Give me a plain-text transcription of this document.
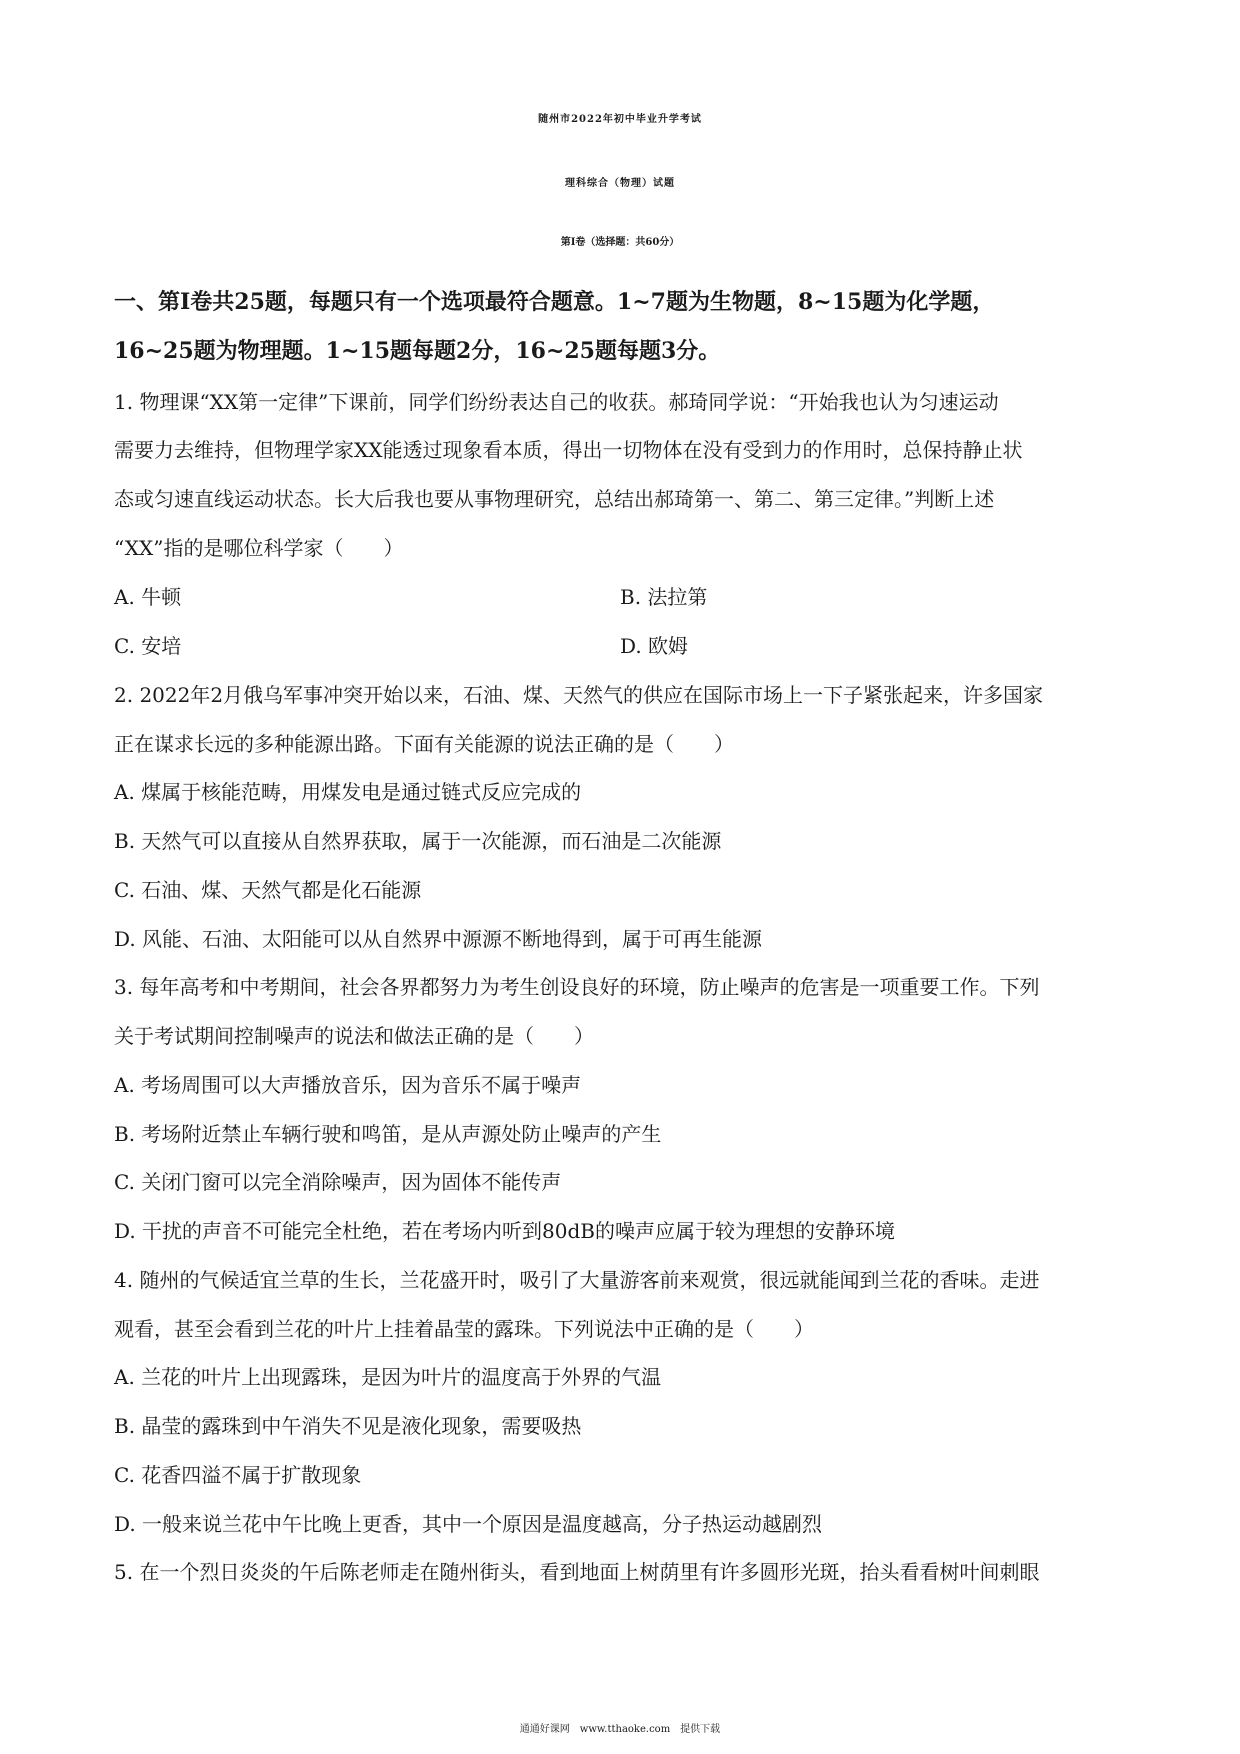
随州市2022年初中毕业升学考试
理科综合（物理）试题
第Ⅰ卷（选择题：共60分）
一、第Ⅰ卷共25题，每题只有一个选项最符合题意。1~7题为生物题，8~15题为化学题，
16~25题为物理题。1~15题每题2分，16~25题每题3分。
1. 物理课“XX第一定律”下课前，同学们纷纷表达自己的收获。郝琦同学说：“开始我也认为匀速运动
需要力去维持，但物理学家XX能透过现象看本质，得出一切物体在没有受到力的作用时，总保持静止状
态或匀速直线运动状态。长大后我也要从事物理研究，总结出郝琦第一、第二、第三定律。”判断上述
“XX”指的是哪位科学家（　　）
A. 牛顿	B. 法拉第
C. 安培	D. 欧姆
2. 2022年2月俄乌军事冲突开始以来，石油、煤、天然气的供应在国际市场上一下子紧张起来，许多国家
正在谋求长远的多种能源出路。下面有关能源的说法正确的是（　　）
A. 煤属于核能范畴，用煤发电是通过链式反应完成的
B. 天然气可以直接从自然界获取，属于一次能源，而石油是二次能源
C. 石油、煤、天然气都是化石能源
D. 风能、石油、太阳能可以从自然界中源源不断地得到，属于可再生能源
3. 每年高考和中考期间，社会各界都努力为考生创设良好的环境，防止噪声的危害是一项重要工作。下列
关于考试期间控制噪声的说法和做法正确的是（　　）
A. 考场周围可以大声播放音乐，因为音乐不属于噪声
B. 考场附近禁止车辆行驶和鸣笛，是从声源处防止噪声的产生
C. 关闭门窗可以完全消除噪声，因为固体不能传声
D. 干扰的声音不可能完全杜绝，若在考场内听到80dB的噪声应属于较为理想的安静环境
4. 随州的气候适宜兰草的生长，兰花盛开时，吸引了大量游客前来观赏，很远就能闻到兰花的香味。走进
观看，甚至会看到兰花的叶片上挂着晶莹的露珠。下列说法中正确的是（　　）
A. 兰花的叶片上出现露珠，是因为叶片的温度高于外界的气温
B. 晶莹的露珠到中午消失不见是液化现象，需要吸热
C. 花香四溢不属于扩散现象
D. 一般来说兰花中午比晚上更香，其中一个原因是温度越高，分子热运动越剧烈
5. 在一个烈日炎炎的午后陈老师走在随州街头，看到地面上树荫里有许多圆形光斑，抬头看看树叶间刺眼
通通好课网　www.tthaoke.com　提供下载
